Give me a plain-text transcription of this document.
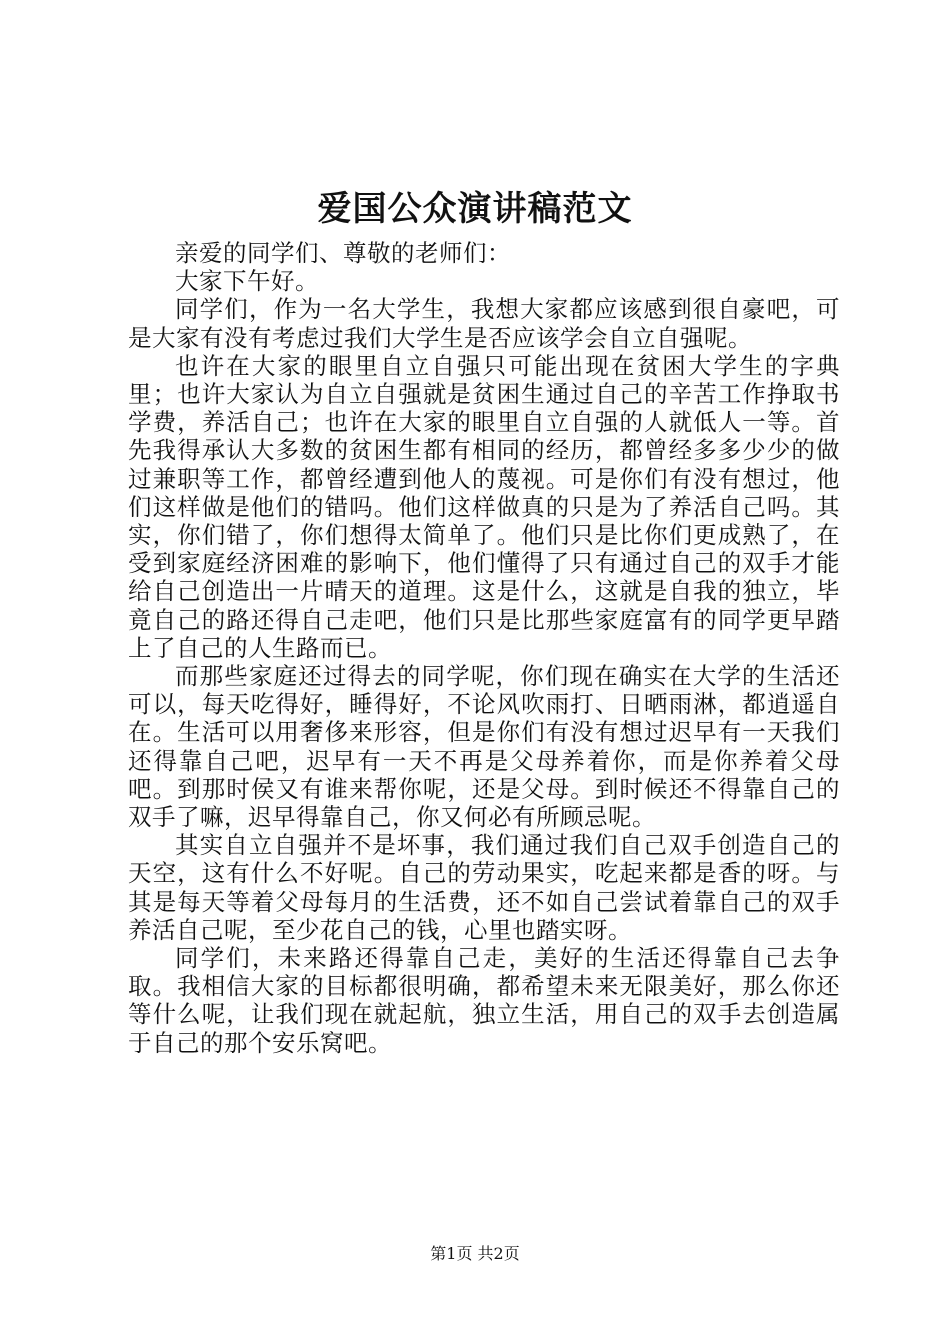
爱国公众演讲稿范文

亲爱的同学们、尊敬的老师们：

大家下午好。

同学们，作为一名大学生，我想大家都应该感到很自豪吧，可是大家有没有考虑过我们大学生是否应该学会自立自强呢。

也许在大家的眼里自立自强只可能出现在贫困大学生的字典里；也许大家认为自立自强就是贫困生通过自己的辛苦工作挣取书学费，养活自己；也许在大家的眼里自立自强的人就低人一等。首先我得承认大多数的贫困生都有相同的经历，都曾经多多少少的做过兼职等工作，都曾经遭到他人的蔑视。可是你们有没有想过，他们这样做是他们的错吗。他们这样做真的只是为了养活自己吗。其实，你们错了，你们想得太简单了。他们只是比你们更成熟了，在受到家庭经济困难的影响下，他们懂得了只有通过自己的双手才能给自己创造出一片晴天的道理。这是什么，这就是自我的独立，毕竟自己的路还得自己走吧，他们只是比那些家庭富有的同学更早踏上了自己的人生路而已。

而那些家庭还过得去的同学呢，你们现在确实在大学的生活还可以，每天吃得好，睡得好，不论风吹雨打、日晒雨淋，都逍遥自在。生活可以用奢侈来形容，但是你们有没有想过迟早有一天我们还得靠自己吧，迟早有一天不再是父母养着你，而是你养着父母吧。到那时侯又有谁来帮你呢，还是父母。到时候还不得靠自己的双手了嘛，迟早得靠自己，你又何必有所顾忌呢。

其实自立自强并不是坏事，我们通过我们自己双手创造自己的天空，这有什么不好呢。自己的劳动果实，吃起来都是香的呀。与其是每天等着父母每月的生活费，还不如自己尝试着靠自己的双手养活自己呢，至少花自己的钱，心里也踏实呀。

同学们，未来路还得靠自己走，美好的生活还得靠自己去争取。我相信大家的目标都很明确，都希望未来无限美好，那么你还等什么呢，让我们现在就起航，独立生活，用自己的双手去创造属于自己的那个安乐窝吧。

第1页 共2页
